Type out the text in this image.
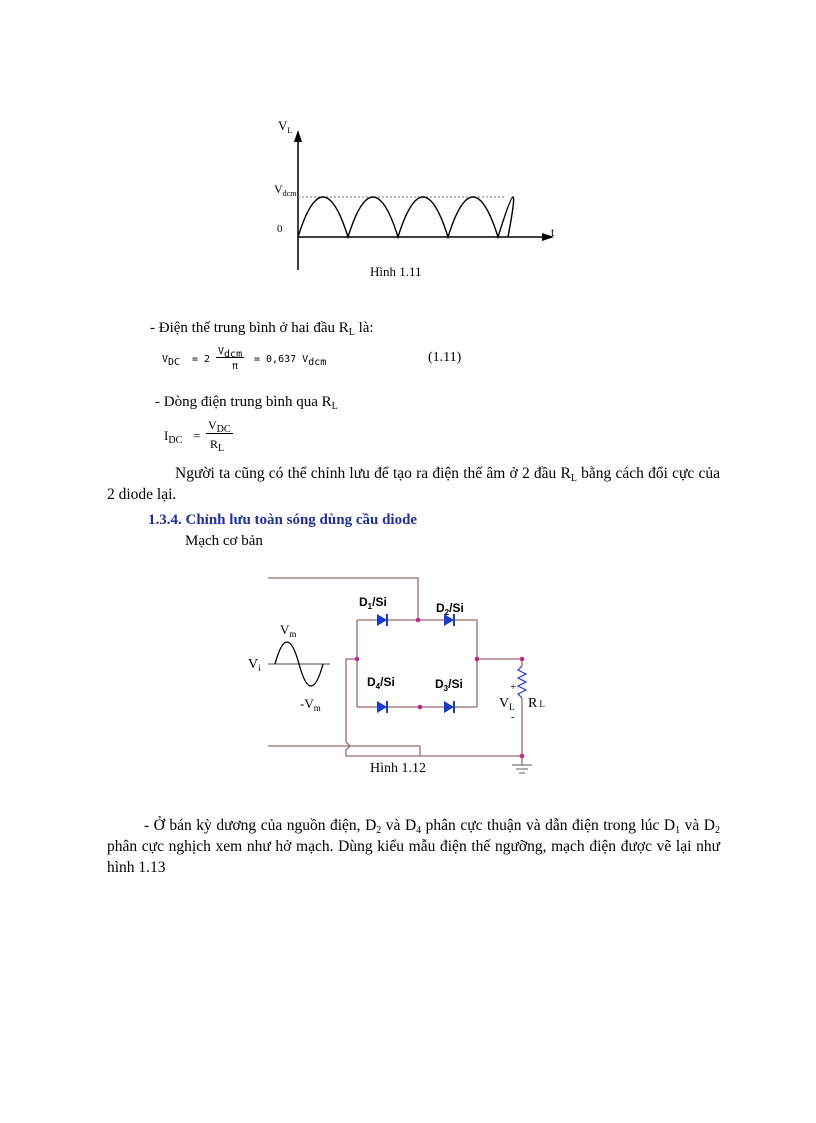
$V_L$
$V_{dcm}$
0	t
Hình 1.11
- Điện thế trung bình ở hai đầu $R_L$ là:
$V_{DC} = 2$
$V_{dcm}$
π
= 0,637 $V_{dcm}$	(1.11)
- Dòng điện trung bình qua $R_L$
$I_{DC}$ =
$V_{DC}$
$R_L$
Người ta cũng có thể chỉnh lưu để tạo ra điện thế âm ở 2 đầu $R_L$ bằng cách đổi cực của 2 diode lại.
1.3.4. Chỉnh lưu toàn sóng dùng cầu diode
Mạch cơ bản
$D_1/Si$	$D_2/Si$
$D_4/Si$	$D_3/Si$
$V_i$
$V_m$
$-V_m$
+
-
$V_L$ R L
Hình 1.12
- Ở bán kỳ dương của nguồn điện, $D_2$ và $D_4$ phân cực thuận và dẫn điện trong lúc $D_1$ và $D_2$ phân cực nghịch xem như hở mạch. Dùng kiểu mẫu điện thế ngưỡng, mạch điện được vẽ lại như hình 1.13
